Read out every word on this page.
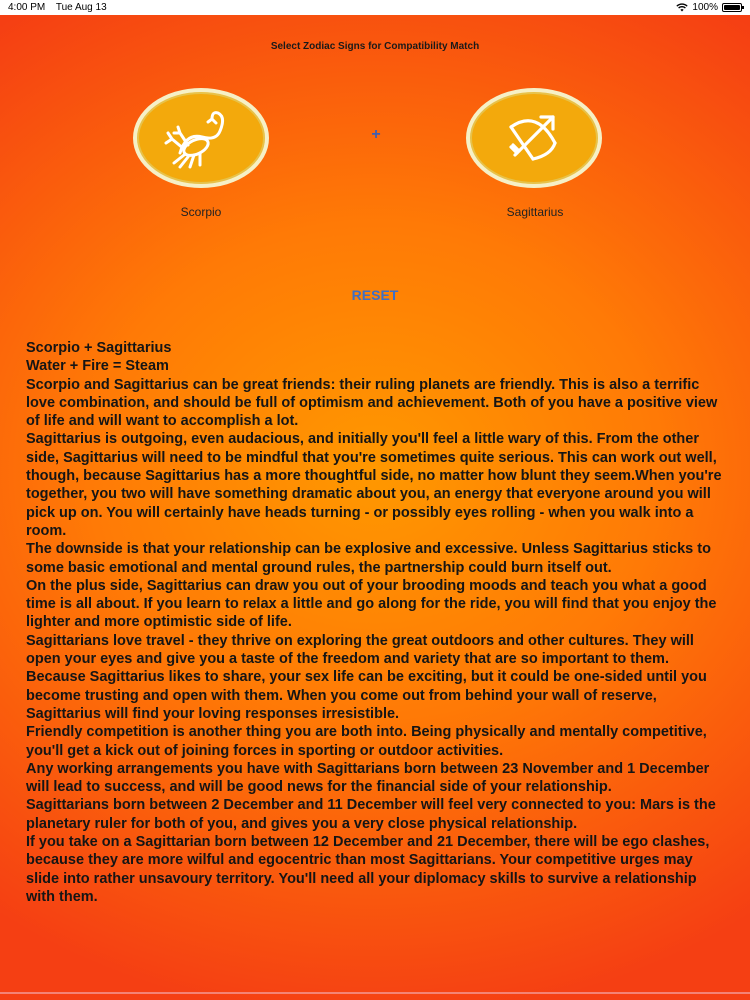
4:00 PM Tue Aug 13	100%
Select Zodiac Signs for Compatibility Match
Scorpio
+
Sagittarius
RESET

Scorpio + Sagittarius

Water + Fire = Steam

Scorpio and Sagittarius can be great friends: their ruling planets are friendly. This is also a terrific love combination, and should be full of optimism and achievement. Both of you have a positive view of life and will want to accomplish a lot.

Sagittarius is outgoing, even audacious, and initially you'll feel a little wary of this. From the other side, Sagittarius will need to be mindful that you're sometimes quite serious. This can work out well, though, because Sagittarius has a more thoughtful side, no matter how blunt they seem.When you're together, you two will have something dramatic about you, an energy that everyone around you will pick up on. You will certainly have heads turning - or possibly eyes rolling - when you walk into a room.

The downside is that your relationship can be explosive and excessive. Unless Sagittarius sticks to some basic emotional and mental ground rules, the partnership could burn itself out.

On the plus side, Sagittarius can draw you out of your brooding moods and teach you what a good time is all about. If you learn to relax a little and go along for the ride, you will find that you enjoy the lighter and more optimistic side of life.

Sagittarians love travel - they thrive on exploring the great outdoors and other cultures. They will open your eyes and give you a taste of the freedom and variety that are so important to them.

Because Sagittarius likes to share, your sex life can be exciting, but it could be one-sided until you become trusting and open with them. When you come out from behind your wall of reserve, Sagittarius will find your loving responses irresistible.

Friendly competition is another thing you are both into. Being physically and mentally competitive, you'll get a kick out of joining forces in sporting or outdoor activities.

Any working arrangements you have with Sagittarians born between 23 November and 1 December will lead to success, and will be good news for the financial side of your relationship.

Sagittarians born between 2 December and 11 December will feel very connected to you: Mars is the planetary ruler for both of you, and gives you a very close physical relationship.

If you take on a Sagittarian born between 12 December and 21 December, there will be ego clashes, because they are more wilful and egocentric than most Sagittarians. Your competitive urges may slide into rather unsavoury territory. You'll need all your diplomacy skills to survive a relationship with them.
